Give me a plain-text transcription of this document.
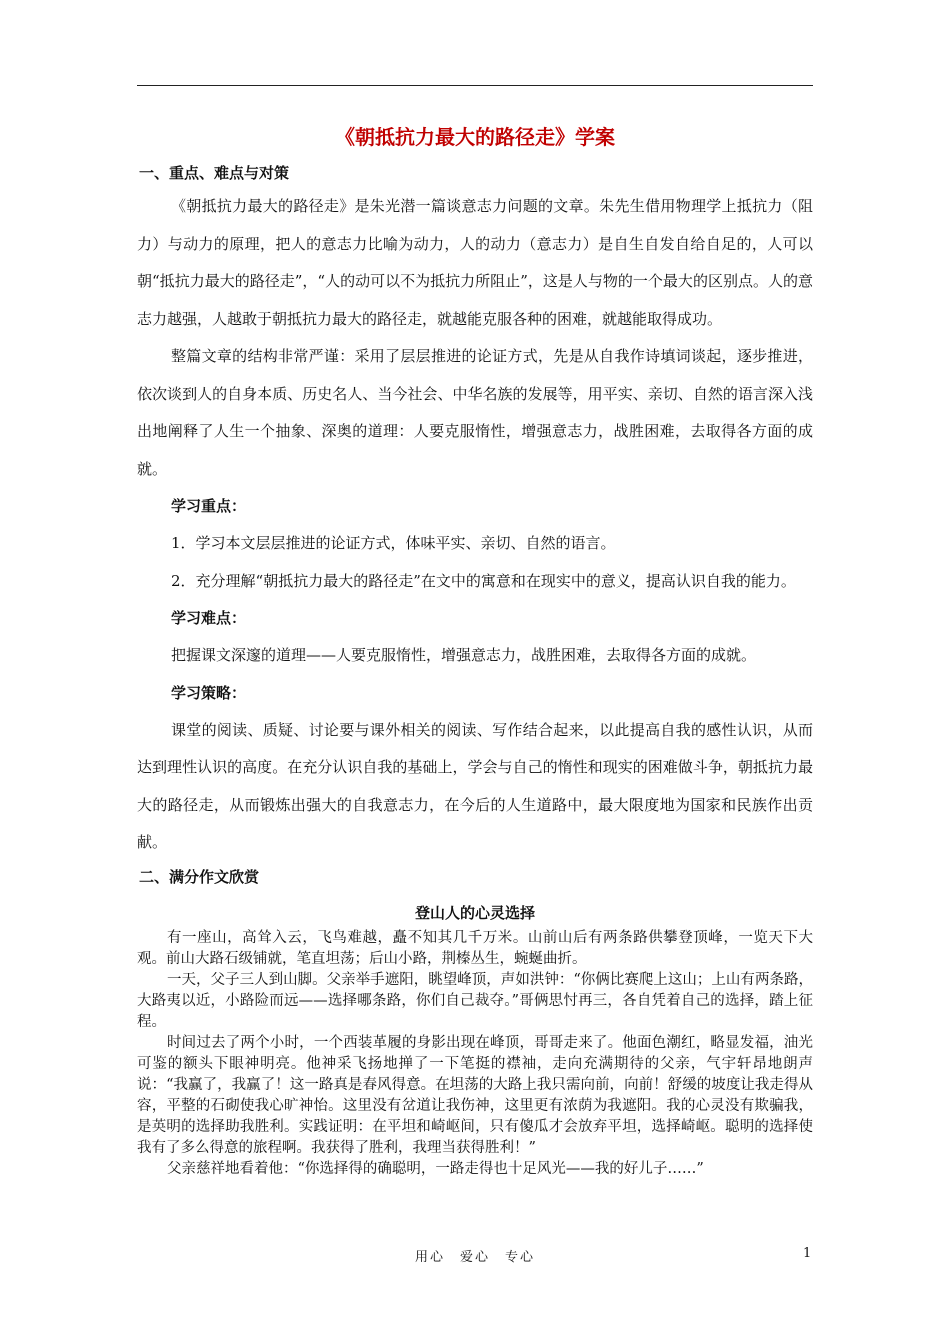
《朝抵抗力最大的路径走》学案
一、重点、难点与对策

《朝抵抗力最大的路径走》是朱光潜一篇谈意志力问题的文章。朱先生借用物理学上抵抗力（阻力）与动力的原理，把人的意志力比喻为动力，人的动力（意志力）是自生自发自给自足的，人可以朝“抵抗力最大的路径走”，“人的动可以不为抵抗力所阻止”，这是人与物的一个最大的区别点。人的意志力越强，人越敢于朝抵抗力最大的路径走，就越能克服各种的困难，就越能取得成功。

整篇文章的结构非常严谨：采用了层层推进的论证方式，先是从自我作诗填词谈起，逐步推进，依次谈到人的自身本质、历史名人、当今社会、中华名族的发展等，用平实、亲切、自然的语言深入浅出地阐释了人生一个抽象、深奥的道理：人要克服惰性，增强意志力，战胜困难，去取得各方面的成就。

学习重点：

1．学习本文层层推进的论证方式，体味平实、亲切、自然的语言。

2．充分理解“朝抵抗力最大的路径走”在文中的寓意和在现实中的意义，提高认识自我的能力。

学习难点：

把握课文深邃的道理——人要克服惰性，增强意志力，战胜困难，去取得各方面的成就。

学习策略：

课堂的阅读、质疑、讨论要与课外相关的阅读、写作结合起来，以此提高自我的感性认识，从而达到理性认识的高度。在充分认识自我的基础上，学会与自己的惰性和现实的困难做斗争，朝抵抗力最大的路径走，从而锻炼出强大的自我意志力，在今后的人生道路中，最大限度地为国家和民族作出贡献。

二、满分作文欣赏
登山人的心灵选择

有一座山，高耸入云，飞鸟难越，矗不知其几千万米。山前山后有两条路供攀登顶峰，一览天下大观。前山大路石级铺就，笔直坦荡；后山小路，荆榛丛生，蜿蜒曲折。

一天，父子三人到山脚。父亲举手遮阳，眺望峰顶，声如洪钟：“你俩比赛爬上这山；上山有两条路，大路夷以近，小路险而远——选择哪条路，你们自己裁夺。”哥俩思忖再三，各自凭着自己的选择，踏上征程。

时间过去了两个小时，一个西装革履的身影出现在峰顶，哥哥走来了。他面色潮红，略显发福，油光可鉴的额头下眼神明亮。他神采飞扬地掸了一下笔挺的襟袖，走向充满期待的父亲，气宇轩昂地朗声说：“我赢了，我赢了！这一路真是春风得意。在坦荡的大路上我只需向前，向前！舒缓的坡度让我走得从容，平整的石砌使我心旷神怡。这里没有岔道让我伤神，这里更有浓荫为我遮阳。我的心灵没有欺骗我，是英明的选择助我胜利。实践证明：在平坦和崎岖间，只有傻瓜才会放弃平坦，选择崎岖。聪明的选择使我有了多么得意的旅程啊。我获得了胜利，我理当获得胜利！”

父亲慈祥地看着他：“你选择得的确聪明，一路走得也十足风光——我的好儿子……”

用心　爱心　专心	1
